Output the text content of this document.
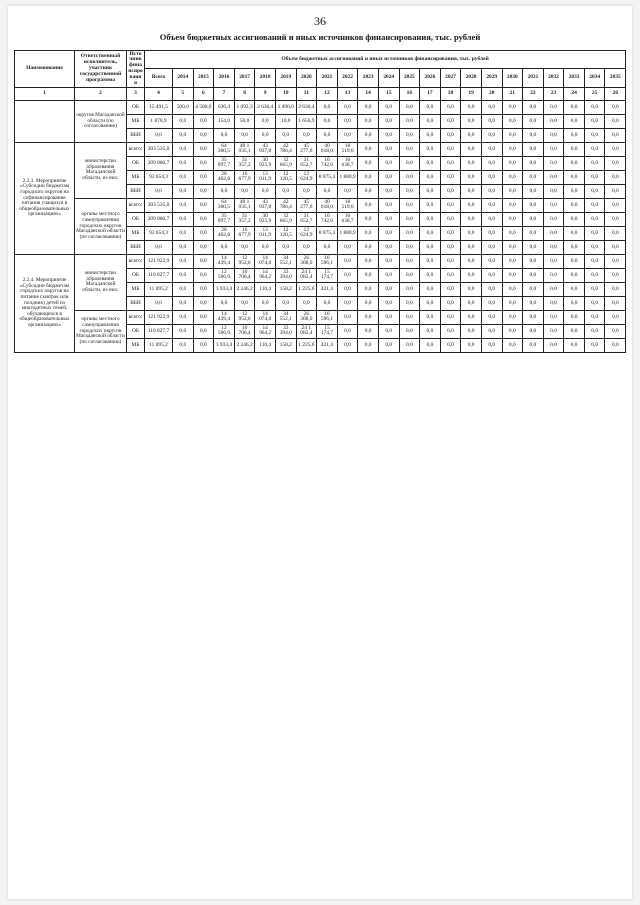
36
Объем бюджетных ассигнований и иных источников финансирования, тыс. рублей
Наименование	Ответственный исполнитель, участник государственной программы	Источник финансирования	Объем бюджетных ассигнований и иных источников финансирования, тыс. рублей																						
			Всего	2014	2015	2016	2017	2018	2019	2020	2021	2022	2023	2024	2025	2026	2027	2028	2029	2030	2031	2032	2033	2034	2035
1	2	3	4	5	6	7	8	9	10	11	12	13	14	15	16	17	18	19	20	21	22	23	24	25	26
	округов Магаданской области (по согласованию)	ОБ	15 491,5	500,0	4 500,0	636,4	1 092,3	2 636,4	1 490,0	2 636,4	0,0	0,0	0,0	0,0	0,0	0,0	0,0	0,0	0,0	0,0	0,0	0,0	0,0	0,0	0,0
		МБ	1 870,9	0,0	0,0	154,0	50,0	0,0	10,0	1 656,9	0,0	0,0	0,0	0,0	0,0	0,0	0,0	0,0	0,0	0,0	0,0	0,0	0,0	0,0	0,0
		ВБИ	0,0	0,0	0,0	0,0	0,0	0,0	0,0	0,0	0,0	0,0	0,0	0,0	0,0	0,0	0,0	0,0	0,0	0,0	0,0	0,0	0,0	0,0	0,0
2.2.3. Мероприятие «Субсидии бюджетам городских округов на софинансирование питания учащихся в общеобразовательных организациях»	министерство образования Магаданской области, из них:	всего:	303 535,0	0,0	0,0	64 360,5	48 1 035,1	43 937,8	42 786,4	45 277,6	40 618,0	18 519,6	0,0	0,0	0,0	0,0	0,0	0,0	0,0	0,0	0,0	0,0	0,0	0,0	0,0
		ОБ	209 880,7	0,0	0,0	35 897,7	31 357,2	30 925,9	32 665,9	31 652,7	16 742,6	16 638,7	0,0	0,0	0,0	0,0	0,0	0,0	0,0	0,0	0,0	0,0	0,0	0,0	0,0
		МБ	93 654,3	0,0	0,0	28 462,8	16 677,9	13 011,9	12 120,5	12 624,9	8 875,4	1 880,9	0,0	0,0	0,0	0,0	0,0	0,0	0,0	0,0	0,0	0,0	0,0	0,0	0,0
		ВБИ	0,0	0,0	0,0	0,0	0,0	0,0	0,0	0,0	0,0	0,0	0,0	0,0	0,0	0,0	0,0	0,0	0,0	0,0	0,0	0,0	0,0	0,0	0,0
	органы местного самоуправления городских округов Магаданской области (по согласованию)	всего:	303 535,0	0,0	0,0	64 360,5	48 1 035,1	43 937,8	42 786,4	45 277,6	40 618,0	18 519,6	0,0	0,0	0,0	0,0	0,0	0,0	0,0	0,0	0,0	0,0	0,0	0,0	0,0
		ОБ	209 880,7	0,0	0,0	35 897,7	31 357,2	30 925,9	32 665,9	31 652,7	16 742,6	16 638,7	0,0	0,0	0,0	0,0	0,0	0,0	0,0	0,0	0,0	0,0	0,0	0,0	0,0
		МБ	93 654,3	0,0	0,0	28 462,8	16 677,9	13 011,9	12 120,5	12 624,9	8 875,4	1 880,9	0,0	0,0	0,0	0,0	0,0	0,0	0,0	0,0	0,0	0,0	0,0	0,0	0,0
		ВБИ	0,0	0,0	0,0	0,0	0,0	0,0	0,0	0,0	0,0	0,0	0,0	0,0	0,0	0,0	0,0	0,0	0,0	0,0	0,0	0,0	0,0	0,0	0,0
2.2.4. Мероприятие «Субсидии бюджетам городских округов на питание (завтрак или полдник) детей из многодетных семей, обучающихся в общеобразовательных организациях»	министерство образования Магаданской области, из них:	всего:	121 922,9	0,0	0,0	14 439,4	12 952,6	14 074,6	34 552,1	26 308,0	16 596,1	0,0	0,0	0,0	0,0	0,0	0,0	0,0	0,0	0,0	0,0	0,0	0,0	0,0	0,0
		ОБ	110 827,7	0,0	0,0	12 506,0	10 706,4	14 964,2	33 394,0	24 1 082,4	15 174,7	0,0	0,0	0,0	0,0	0,0	0,0	0,0	0,0	0,0	0,0	0,0	0,0	0,0	0,0
		МБ	11 095,2	0,0	0,0	1 933,4	2 246,2	110,4	158,2	1 225,6	421,4	0,0	0,0	0,0	0,0	0,0	0,0	0,0	0,0	0,0	0,0	0,0	0,0	0,0	0,0
		ВБИ	0,0	0,0	0,0	0,0	0,0	0,0	0,0	0,0	0,0	0,0	0,0	0,0	0,0	0,0	0,0	0,0	0,0	0,0	0,0	0,0	0,0	0,0	0,0
	органы местного самоуправления городских округов Магаданской области (по согласованию)	всего:	121 922,9	0,0	0,0	14 439,4	12 952,6	14 074,6	34 552,1	26 308,0	16 596,1	0,0	0,0	0,0	0,0	0,0	0,0	0,0	0,0	0,0	0,0	0,0	0,0	0,0	0,0
		ОБ	110 827,7	0,0	0,0	12 506,0	10 706,4	14 964,2	33 394,0	24 1 082,4	15 174,7	0,0	0,0	0,0	0,0	0,0	0,0	0,0	0,0	0,0	0,0	0,0	0,0	0,0	0,0
		МБ	11 095,2	0,0	0,0	1 933,4	2 246,2	110,4	158,2	1 225,6	421,4	0,0	0,0	0,0	0,0	0,0	0,0	0,0	0,0	0,0	0,0	0,0	0,0	0,0	0,0
